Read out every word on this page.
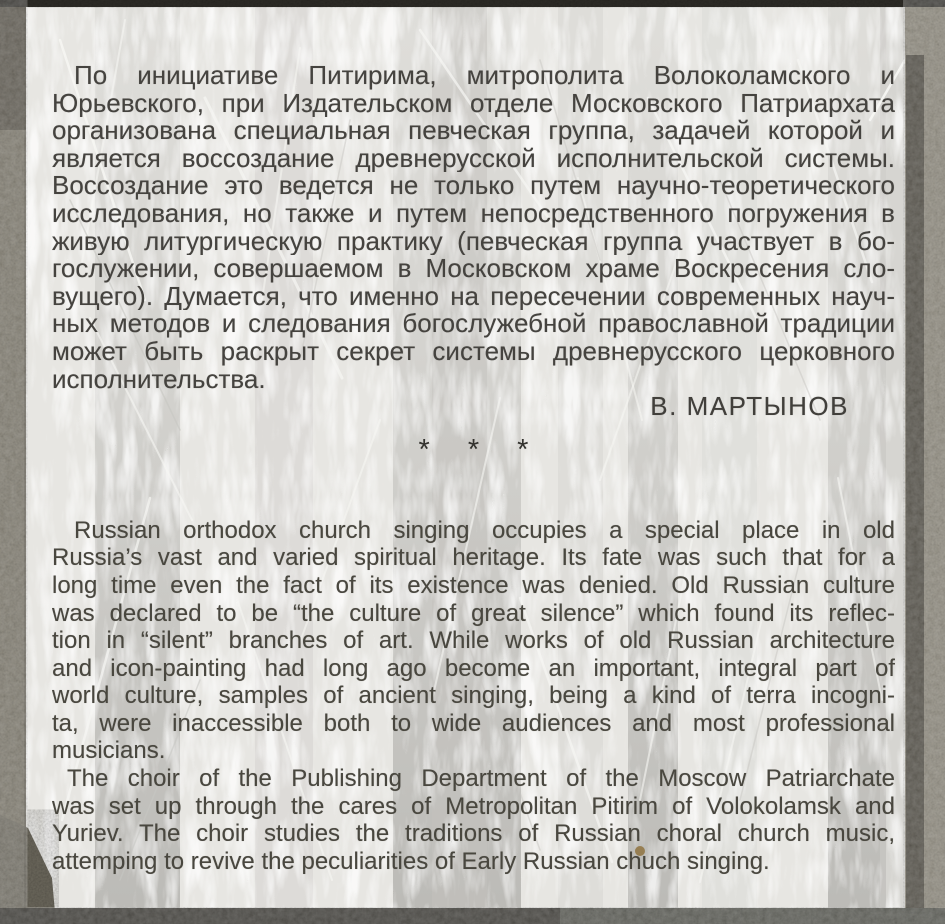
По инициативе Питирима, митрополита Волоколамского и
Юрьевского, при Издательском отделе Московского Патриархата
организована специальная певческая группа, задачей которой и
является воссоздание древнерусской исполнительской системы.
Воссоздание это ведется не только путем научно-теоретического
исследования, но также и путем непосредственного погружения в
живую литургическую практику (певческая группа участвует в бо-
гослужении, совершаемом в Московском храме Воскресения сло-
вущего). Думается, что именно на пересечении современных науч-
ных методов и следования богослужебной православной традиции
может быть раскрыт секрет системы древнерусского церковного
исполнительства.
В. МАРТЫНОВ
* * *
Russian orthodox church singing occupies a special place in old
Russia’s vast and varied spiritual heritage. Its fate was such that for a
long time even the fact of its existence was denied. Old Russian culture
was declared to be “the culture of great silence” which found its reflec-
tion in “silent” branches of art. While works of old Russian architecture
and icon-painting had long ago become an important, integral part of
world culture, samples of ancient singing, being a kind of terra incogni-
ta, were inaccessible both to wide audiences and most professional
musicians.
The choir of the Publishing Department of the Moscow Patriarchate
was set up through the cares of Metropolitan Pitirim of Volokolamsk and
Yuriev. The choir studies the traditions of Russian choral church music,
attemping to revive the peculiarities of Early Russian chuch singing.
